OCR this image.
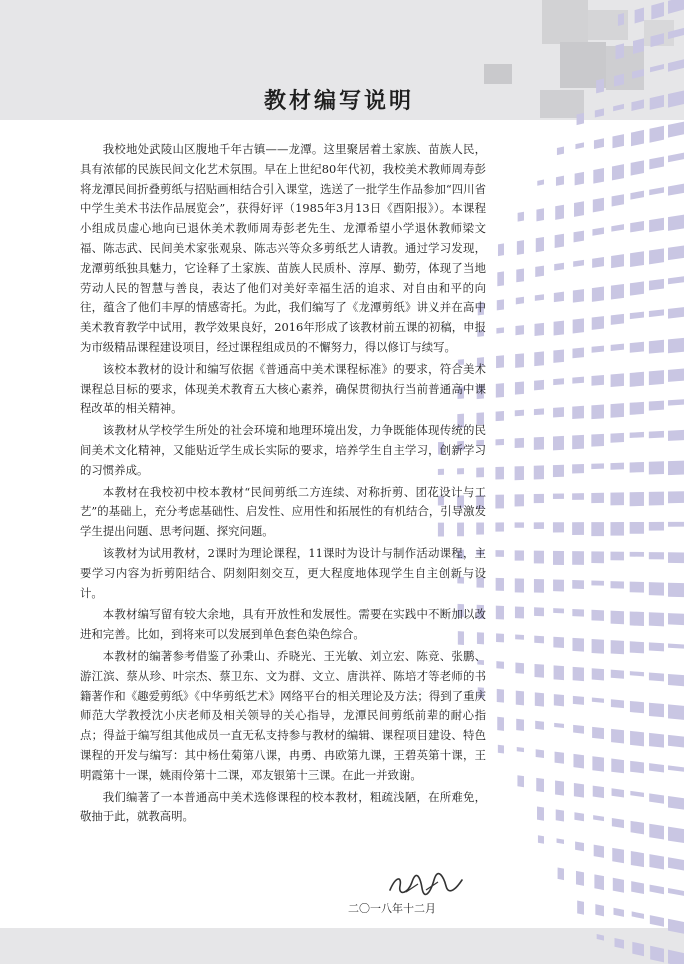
教材编写说明

我校地处武陵山区腹地千年古镇——龙潭。这里聚居着土家族、苗族人民，具有浓郁的民族民间文化艺术氛围。早在上世纪80年代初，我校美术教师周寿彭将龙潭民间折叠剪纸与招贴画相结合引入课堂，选送了一批学生作品参加“四川省中学生美术书法作品展览会”，获得好评（1985年3月13日《酉阳报》）。本课程小组成员虚心地向已退休美术教师周寿彭老先生、龙潭希望小学退休教师梁文福、陈志武、民间美术家张观泉、陈志兴等众多剪纸艺人请教。通过学习发现，龙潭剪纸独具魅力，它诠释了土家族、苗族人民质朴、淳厚、勤劳，体现了当地劳动人民的智慧与善良，表达了他们对美好幸福生活的追求、对自由和平的向往，蕴含了他们丰厚的情感寄托。为此，我们编写了《龙潭剪纸》讲义并在高中美术教育教学中试用，教学效果良好，2016年形成了该教材前五课的初稿，申报为市级精品课程建设项目，经过课程组成员的不懈努力，得以修订与续写。

该校本教材的设计和编写依据《普通高中美术课程标准》的要求，符合美术课程总目标的要求，体现美术教育五大核心素养，确保贯彻执行当前普通高中课程改革的相关精神。

该教材从学校学生所处的社会环境和地理环境出发，力争既能体现传统的民间美术文化精神，又能贴近学生成长实际的要求，培养学生自主学习，创新学习的习惯养成。

本教材在我校初中校本教材“民间剪纸二方连续、对称折剪、团花设计与工艺”的基础上，充分考虑基础性、启发性、应用性和拓展性的有机结合，引导激发学生提出问题、思考问题、探究问题。

该教材为试用教材，2课时为理论课程，11课时为设计与制作活动课程，主要学习内容为折剪阳结合、阴刻阳刻交互，更大程度地体现学生自主创新与设计。

本教材编写留有较大余地，具有开放性和发展性。需要在实践中不断加以改进和完善。比如，到将来可以发展到单色套色染色综合。

本教材的编著参考借鉴了孙秉山、乔晓光、王光敏、刘立宏、陈竞、张鹏、游江滨、蔡从珍、叶宗杰、蔡卫东、文为群、文立、唐洪祥、陈培才等老师的书籍著作和《趣爱剪纸》《中华剪纸艺术》网络平台的相关理论及方法；得到了重庆师范大学教授沈小庆老师及相关领导的关心指导，龙潭民间剪纸前辈的耐心指点；得益于编写组其他成员一直无私支持参与教材的编辑、课程项目建设、特色课程的开发与编写：其中杨仕菊第八课，冉勇、冉欧第九课，王碧英第十课，王明霞第十一课，姚雨伶第十二课，邓友银第十三课。在此一并致谢。

我们编著了一本普通高中美术选修课程的校本教材，粗疏浅陋，在所难免，敬抽于此，就教高明。

二〇一八年十二月
